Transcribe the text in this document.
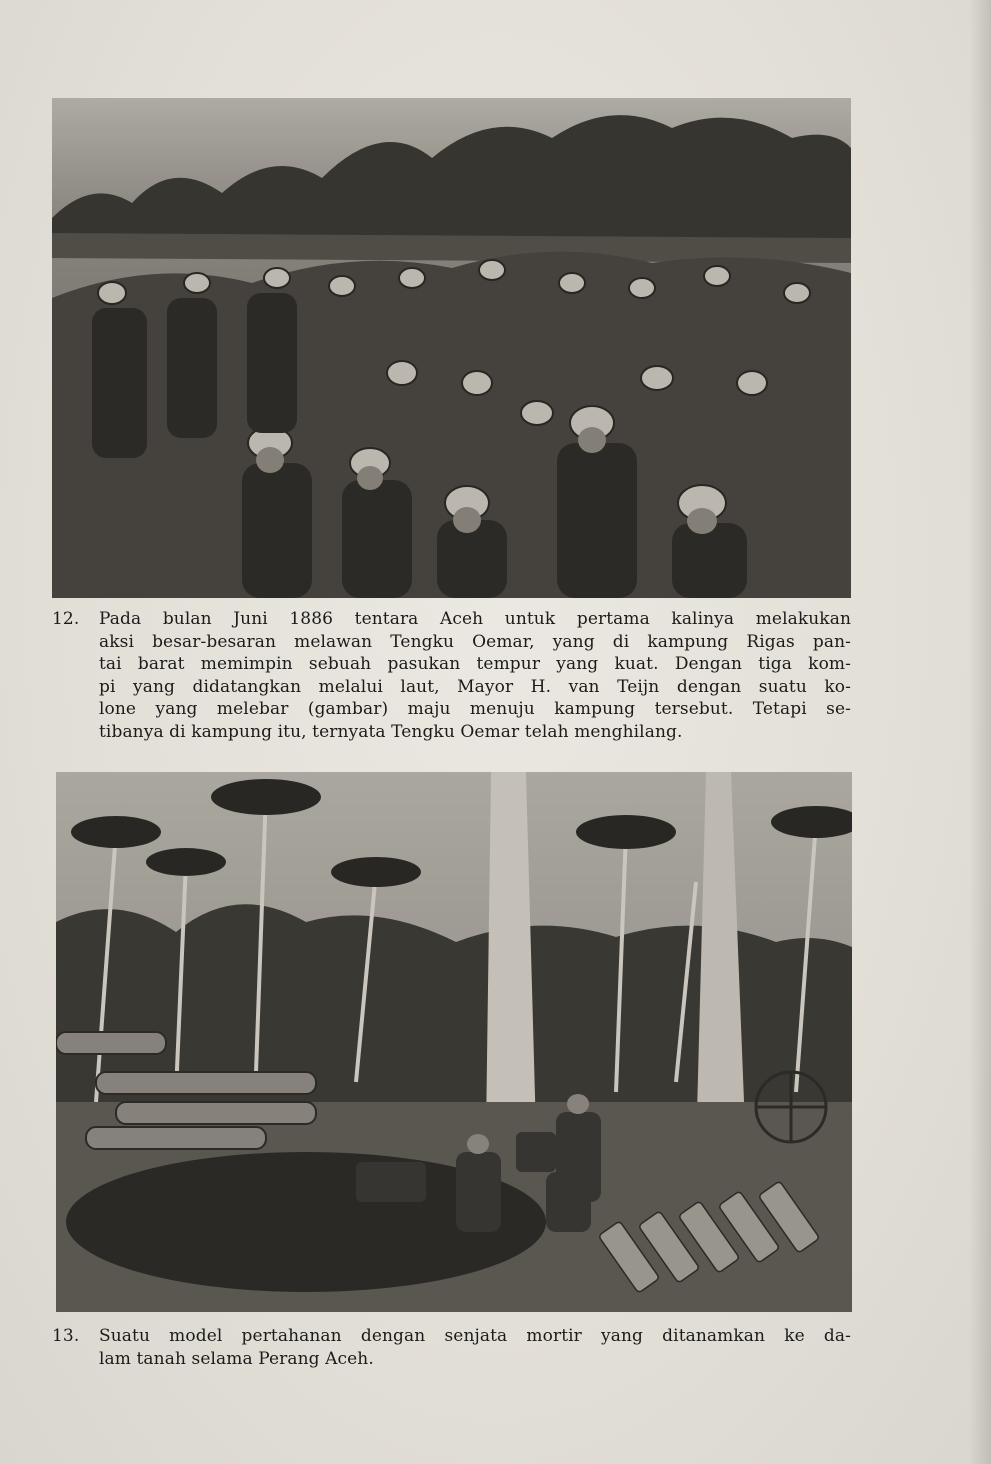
12. Pada bulan Juni 1886 tentara Aceh untuk pertama kalinya melakukan
aksi besar-besaran melawan Tengku Oemar, yang di kampung Rigas pan-
tai barat memimpin sebuah pasukan tempur yang kuat. Dengan tiga kom-
pi yang didatangkan melalui laut, Mayor H. van Teijn dengan suatu ko-
lone yang melebar (gambar) maju menuju kampung tersebut. Tetapi se-
tibanya di kampung itu, ternyata Tengku Oemar telah menghilang.
13. Suatu model pertahanan dengan senjata mortir yang ditanamkan ke da-
lam tanah selama Perang Aceh.
